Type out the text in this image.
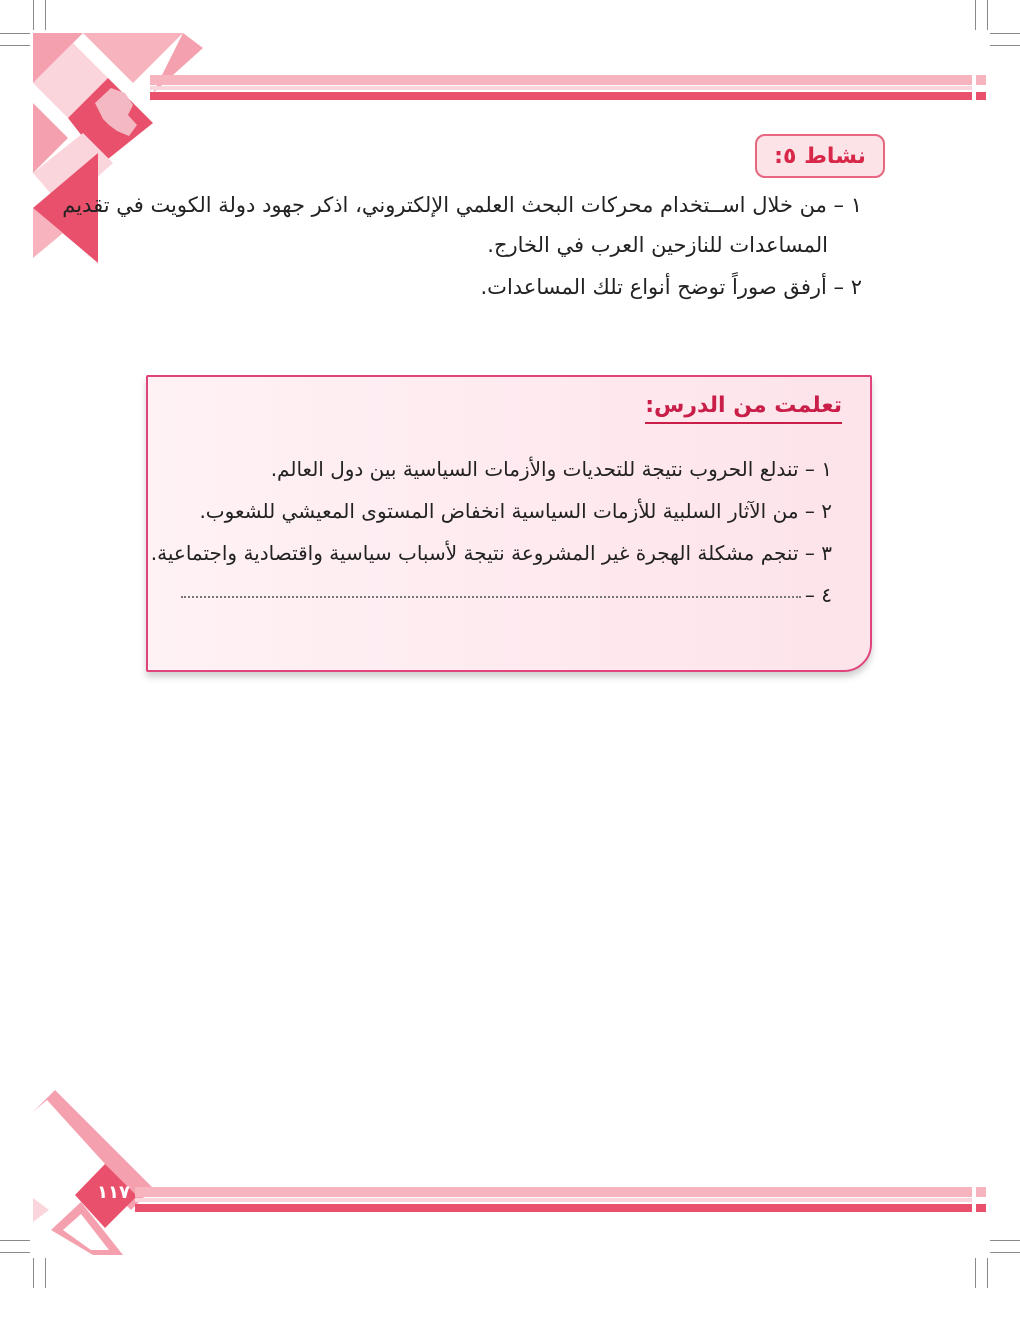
نشاط ٥:
١ – من خلال اســتخدام محركات البحث العلمي الإلكتروني، اذكر جهود دولة الكويت في تقديم
المساعدات للنازحين العرب في الخارج.
٢ – أرفق صوراً توضح أنواع تلك المساعدات.
تعلمت من الدرس:
١ – تندلع الحروب نتيجة للتحديات والأزمات السياسية بين دول العالم.
٢ – من الآثار السلبية للأزمات السياسية انخفاض المستوى المعيشي للشعوب.
٣ – تنجم مشكلة الهجرة غير المشروعة نتيجة لأسباب سياسية واقتصادية واجتماعية.
٤ –
١١٧
